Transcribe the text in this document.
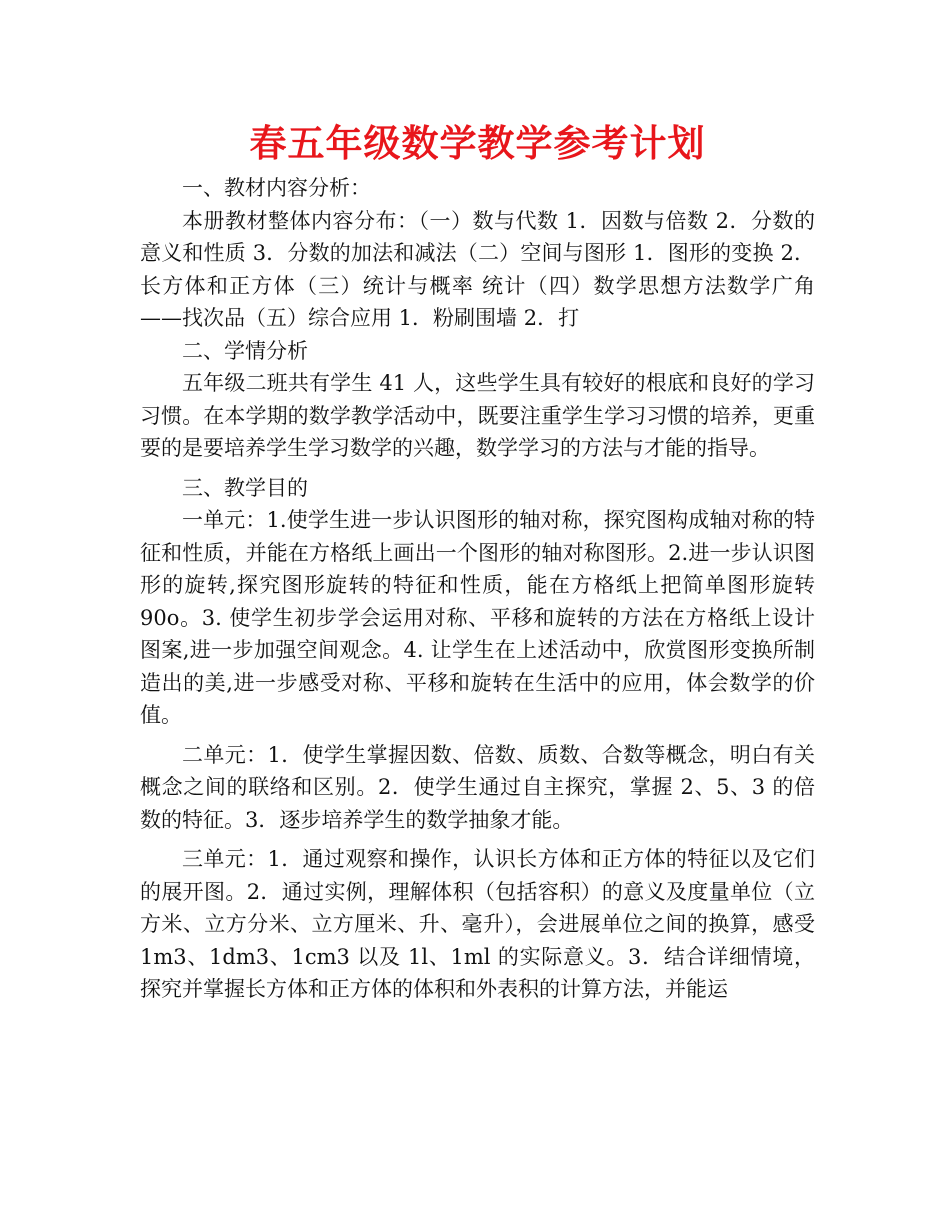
春五年级数学教学参考计划

一、教材内容分析：

本册教材整体内容分布：（一）数与代数 1．因数与倍数 2．分数的意义和性质 3．分数的加法和减法（二）空间与图形 1．图形的变换 2．长方体和正方体（三）统计与概率 统计（四）数学思想方法数学广角——找次品（五）综合应用 1．粉刷围墙 2．打

二、学情分析

五年级二班共有学生 41 人，这些学生具有较好的根底和良好的学习习惯。在本学期的数学教学活动中，既要注重学生学习习惯的培养，更重要的是要培养学生学习数学的兴趣，数学学习的方法与才能的指导。

三、教学目的

一单元：1.使学生进一步认识图形的轴对称，探究图构成轴对称的特征和性质，并能在方格纸上画出一个图形的轴对称图形。2.进一步认识图形的旋转,探究图形旋转的特征和性质，能在方格纸上把简单图形旋转 90o。3. 使学生初步学会运用对称、平移和旋转的方法在方格纸上设计图案,进一步加强空间观念。4. 让学生在上述活动中，欣赏图形变换所制造出的美,进一步感受对称、平移和旋转在生活中的应用，体会数学的价值。

二单元：1．使学生掌握因数、倍数、质数、合数等概念，明白有关概念之间的联络和区别。2．使学生通过自主探究，掌握 2、5、3 的倍数的特征。3．逐步培养学生的数学抽象才能。

三单元：1．通过观察和操作，认识长方体和正方体的特征以及它们的展开图。2．通过实例，理解体积（包括容积）的意义及度量单位（立方米、立方分米、立方厘米、升、毫升），会进展单位之间的换算，感受 1m3、1dm3、1cm3 以及 1l、1ml 的实际意义。3．结合详细情境，探究并掌握长方体和正方体的体积和外表积的计算方法，并能运
